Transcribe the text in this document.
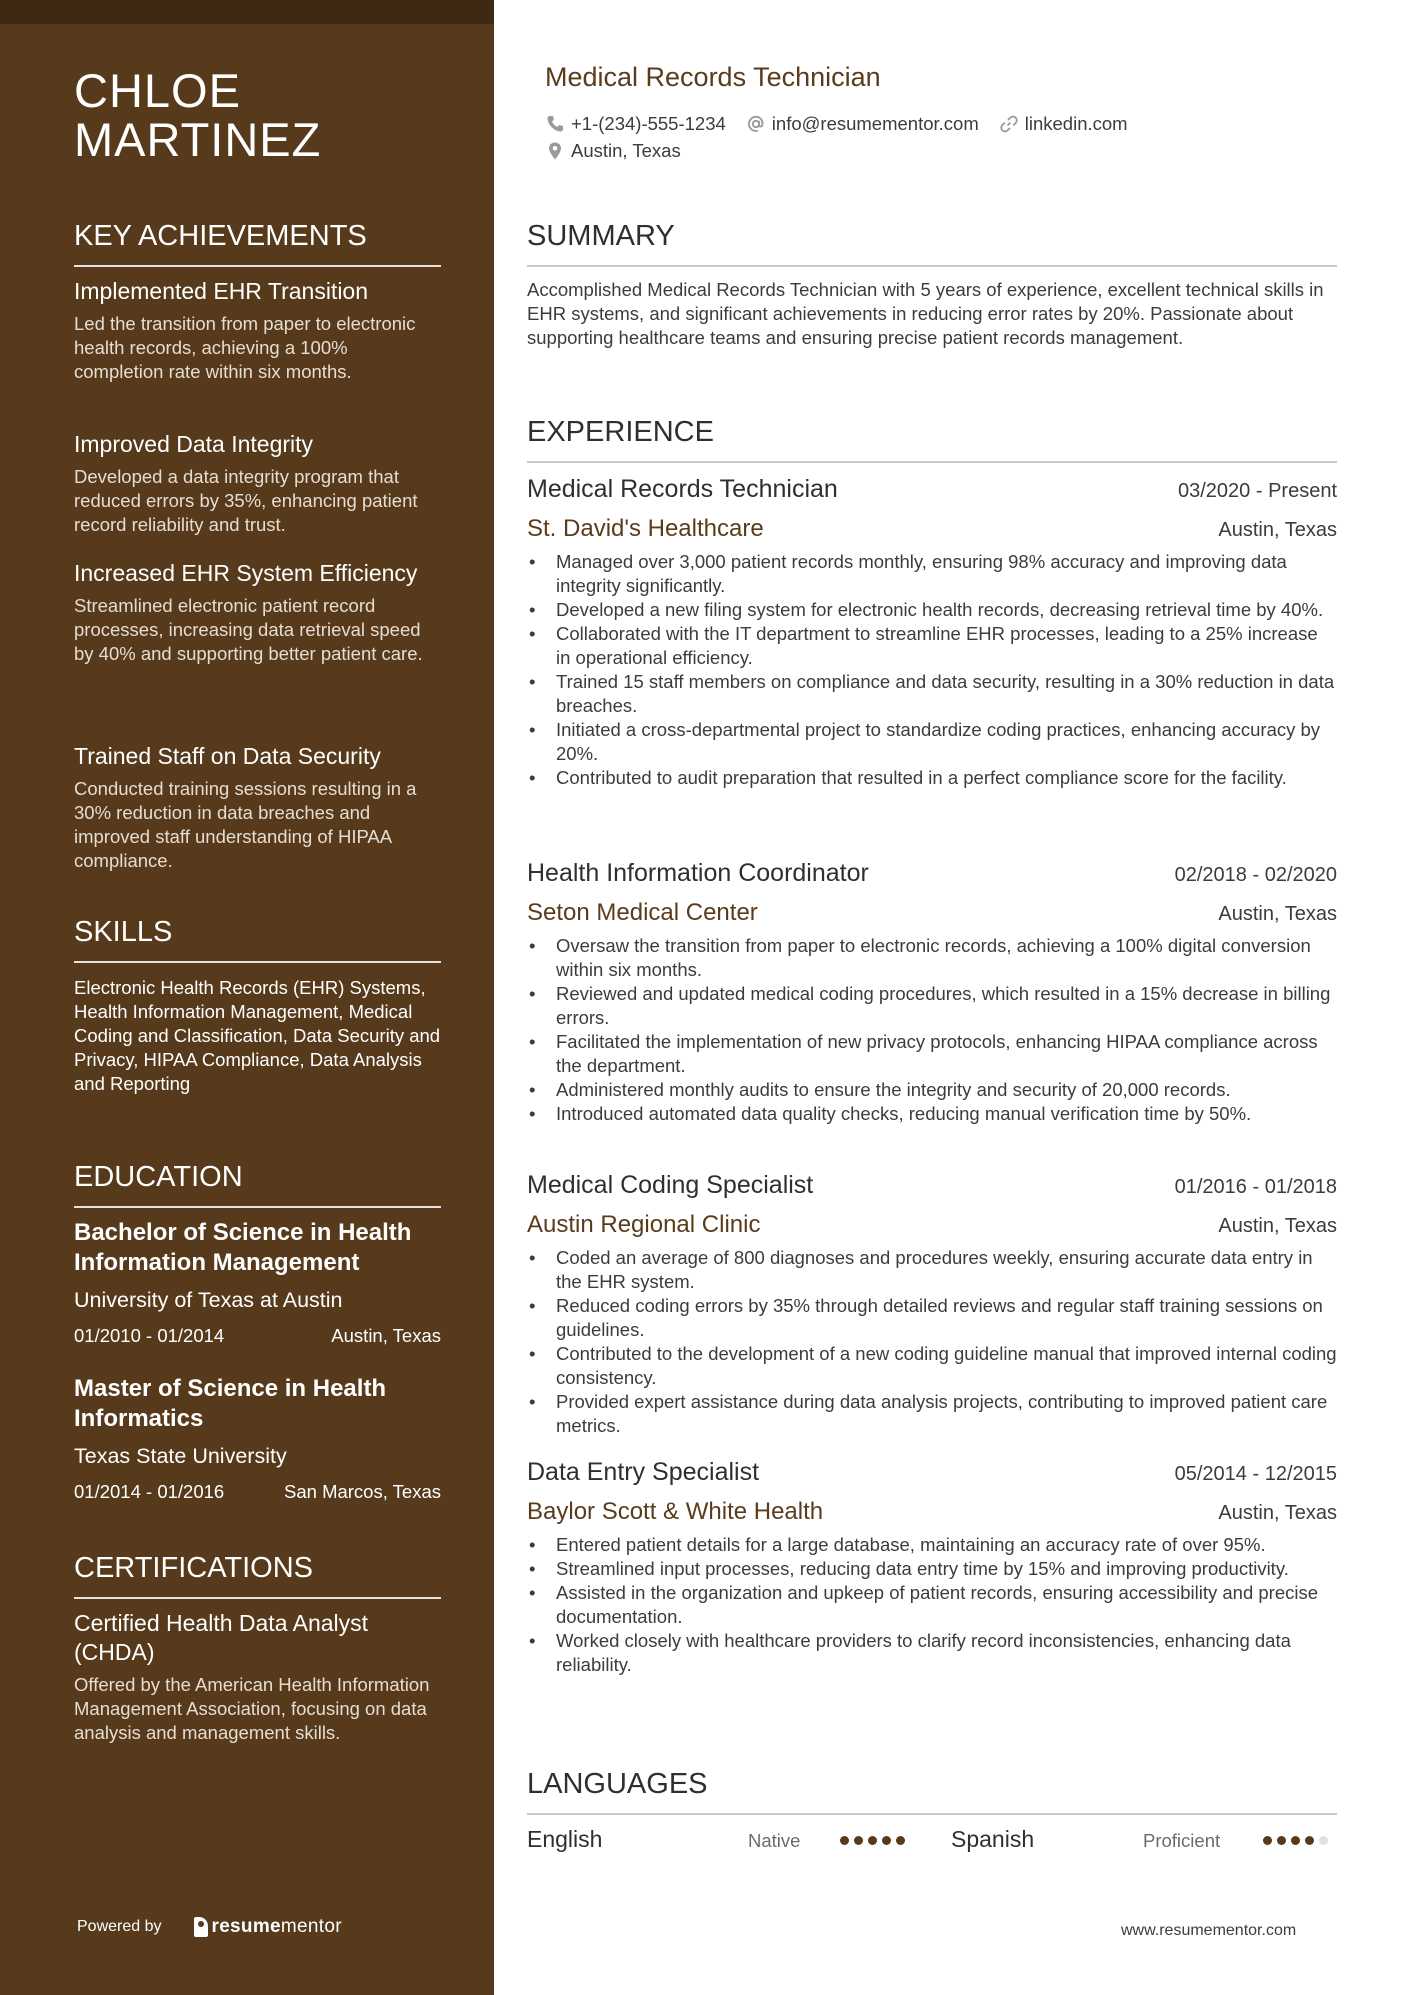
CHLOE
MARTINEZ
KEY ACHIEVEMENTS
Implemented EHR Transition
Led the transition from paper to electronic health records, achieving a 100% completion rate within six months.
Improved Data Integrity
Developed a data integrity program that reduced errors by 35%, enhancing patient record reliability and trust.
Increased EHR System Efficiency
Streamlined electronic patient record processes, increasing data retrieval speed by 40% and supporting better patient care.
Trained Staff on Data Security
Conducted training sessions resulting in a 30% reduction in data breaches and improved staff understanding of HIPAA compliance.
SKILLS
Electronic Health Records (EHR) Systems, Health Information Management, Medical Coding and Classification, Data Security and Privacy, HIPAA Compliance, Data Analysis and Reporting
EDUCATION
Bachelor of Science in Health Information Management
University of Texas at Austin
01/2010 - 01/2014	Austin, Texas
Master of Science in Health Informatics
Texas State University
01/2014 - 01/2016	San Marcos, Texas
CERTIFICATIONS
Certified Health Data Analyst (CHDA)
Offered by the American Health Information Management Association, focusing on data analysis and management skills.
Powered by	resume mentor
Medical Records Technician
+1-(234)-555-1234 info@resumementor.com linkedin.com
Austin, Texas
SUMMARY
Accomplished Medical Records Technician with 5 years of experience, excellent technical skills in EHR systems, and significant achievements in reducing error rates by 20%. Passionate about supporting healthcare teams and ensuring precise patient records management.
EXPERIENCE
Medical Records Technician	03/2020 - Present
St. David's Healthcare	Austin, Texas
• Managed over 3,000 patient records monthly, ensuring 98% accuracy and improving data integrity significantly.
• Developed a new filing system for electronic health records, decreasing retrieval time by 40%.
• Collaborated with the IT department to streamline EHR processes, leading to a 25% increase in operational efficiency.
• Trained 15 staff members on compliance and data security, resulting in a 30% reduction in data breaches.
• Initiated a cross-departmental project to standardize coding practices, enhancing accuracy by 20%.
• Contributed to audit preparation that resulted in a perfect compliance score for the facility.
Health Information Coordinator	02/2018 - 02/2020
Seton Medical Center	Austin, Texas
• Oversaw the transition from paper to electronic records, achieving a 100% digital conversion within six months.
• Reviewed and updated medical coding procedures, which resulted in a 15% decrease in billing errors.
• Facilitated the implementation of new privacy protocols, enhancing HIPAA compliance across the department.
• Administered monthly audits to ensure the integrity and security of 20,000 records.
• Introduced automated data quality checks, reducing manual verification time by 50%.
Medical Coding Specialist	01/2016 - 01/2018
Austin Regional Clinic	Austin, Texas
• Coded an average of 800 diagnoses and procedures weekly, ensuring accurate data entry in the EHR system.
• Reduced coding errors by 35% through detailed reviews and regular staff training sessions on guidelines.
• Contributed to the development of a new coding guideline manual that improved internal coding consistency.
• Provided expert assistance during data analysis projects, contributing to improved patient care metrics.
Data Entry Specialist	05/2014 - 12/2015
Baylor Scott & White Health	Austin, Texas
• Entered patient details for a large database, maintaining an accuracy rate of over 95%.
• Streamlined input processes, reducing data entry time by 15% and improving productivity.
• Assisted in the organization and upkeep of patient records, ensuring accessibility and precise documentation.
• Worked closely with healthcare providers to clarify record inconsistencies, enhancing data reliability.
LANGUAGES
English	Native	Spanish	Proficient
www.resumementor.com
